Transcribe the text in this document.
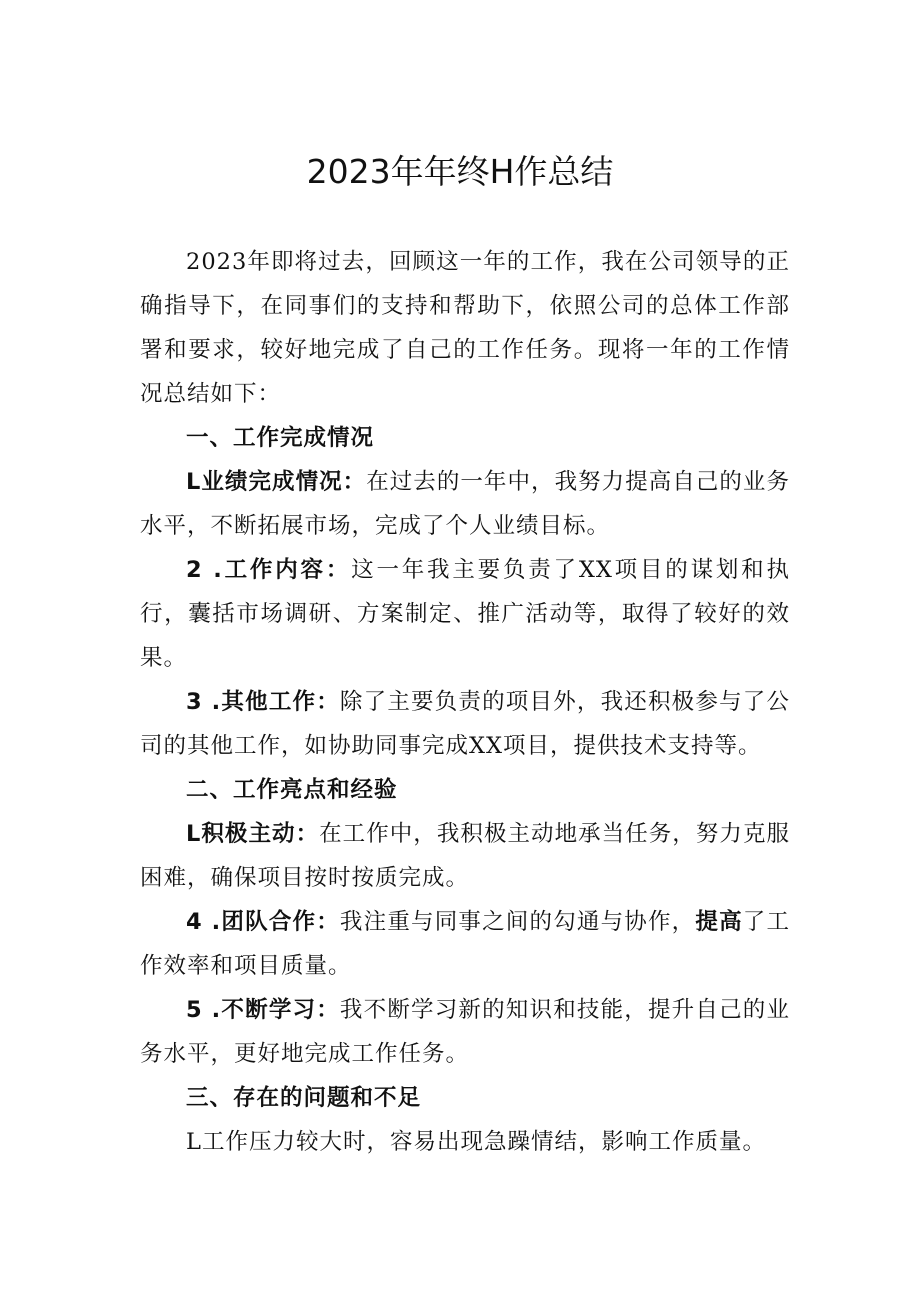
2023年年终H作总结

2023年即将过去，回顾这一年的工作，我在公司领导的正确指导下，在同事们的支持和帮助下，依照公司的总体工作部署和要求，较好地完成了自己的工作任务。现将一年的工作情况总结如下：

一、工作完成情况

L业绩完成情况：在过去的一年中，我努力提高自己的业务水平，不断拓展市场，完成了个人业绩目标。

2 .工作内容：这一年我主要负责了XX项目的谋划和执行，囊括市场调研、方案制定、推广活动等，取得了较好的效果。

3 .其他工作：除了主要负责的项目外，我还积极参与了公司的其他工作，如协助同事完成XX项目，提供技术支持等。

二、工作亮点和经验

L积极主动：在工作中，我积极主动地承当任务，努力克服困难，确保项目按时按质完成。

4 .团队合作：我注重与同事之间的勾通与协作，提高了工作效率和项目质量。

5 .不断学习：我不断学习新的知识和技能，提升自己的业务水平，更好地完成工作任务。

三、存在的问题和不足

L工作压力较大时，容易出现急躁情结，影响工作质量。
